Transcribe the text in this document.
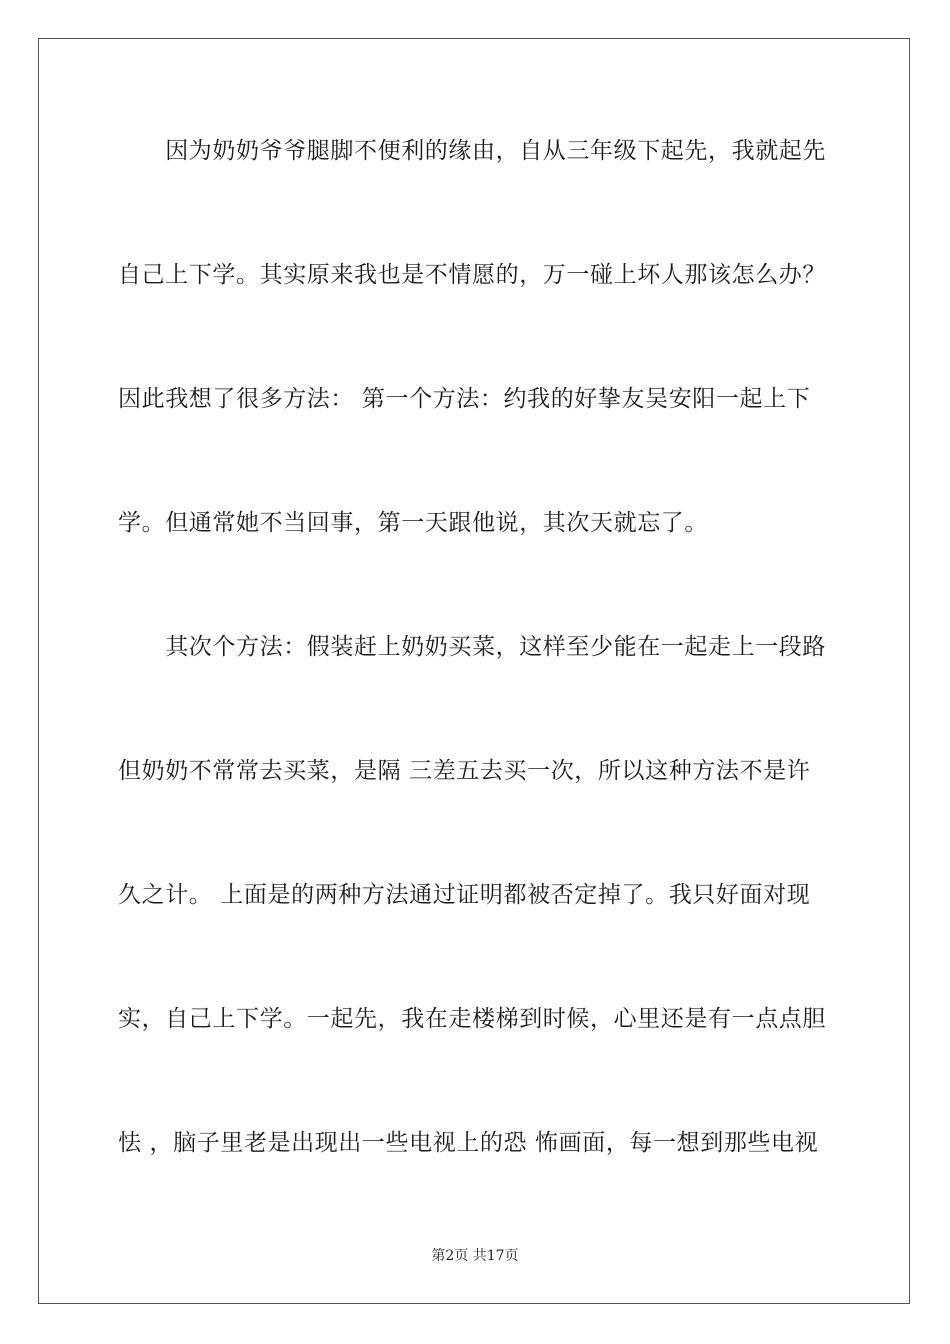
　　因为奶奶爷爷腿脚不便利的缘由，自从三年级下起先，我就起先
自己上下学。其实原来我也是不情愿的，万一碰上坏人那该怎么办？
因此我想了很多方法： 第一个方法：约我的好挚友吴安阳一起上下
学。但通常她不当回事，第一天跟他说，其次天就忘了。
　　其次个方法：假装赶上奶奶买菜，这样至少能在一起走上一段路
但奶奶不常常去买菜，是隔 三差五去买一次，所以这种方法不是许
久之计。 上面是的两种方法通过证明都被否定掉了。我只好面对现
实，自己上下学。一起先，我在走楼梯到时候，心里还是有一点点胆
怯 ，脑子里老是出现出一些电视上的恐 怖画面，每一想到那些电视
第2页 共17页
